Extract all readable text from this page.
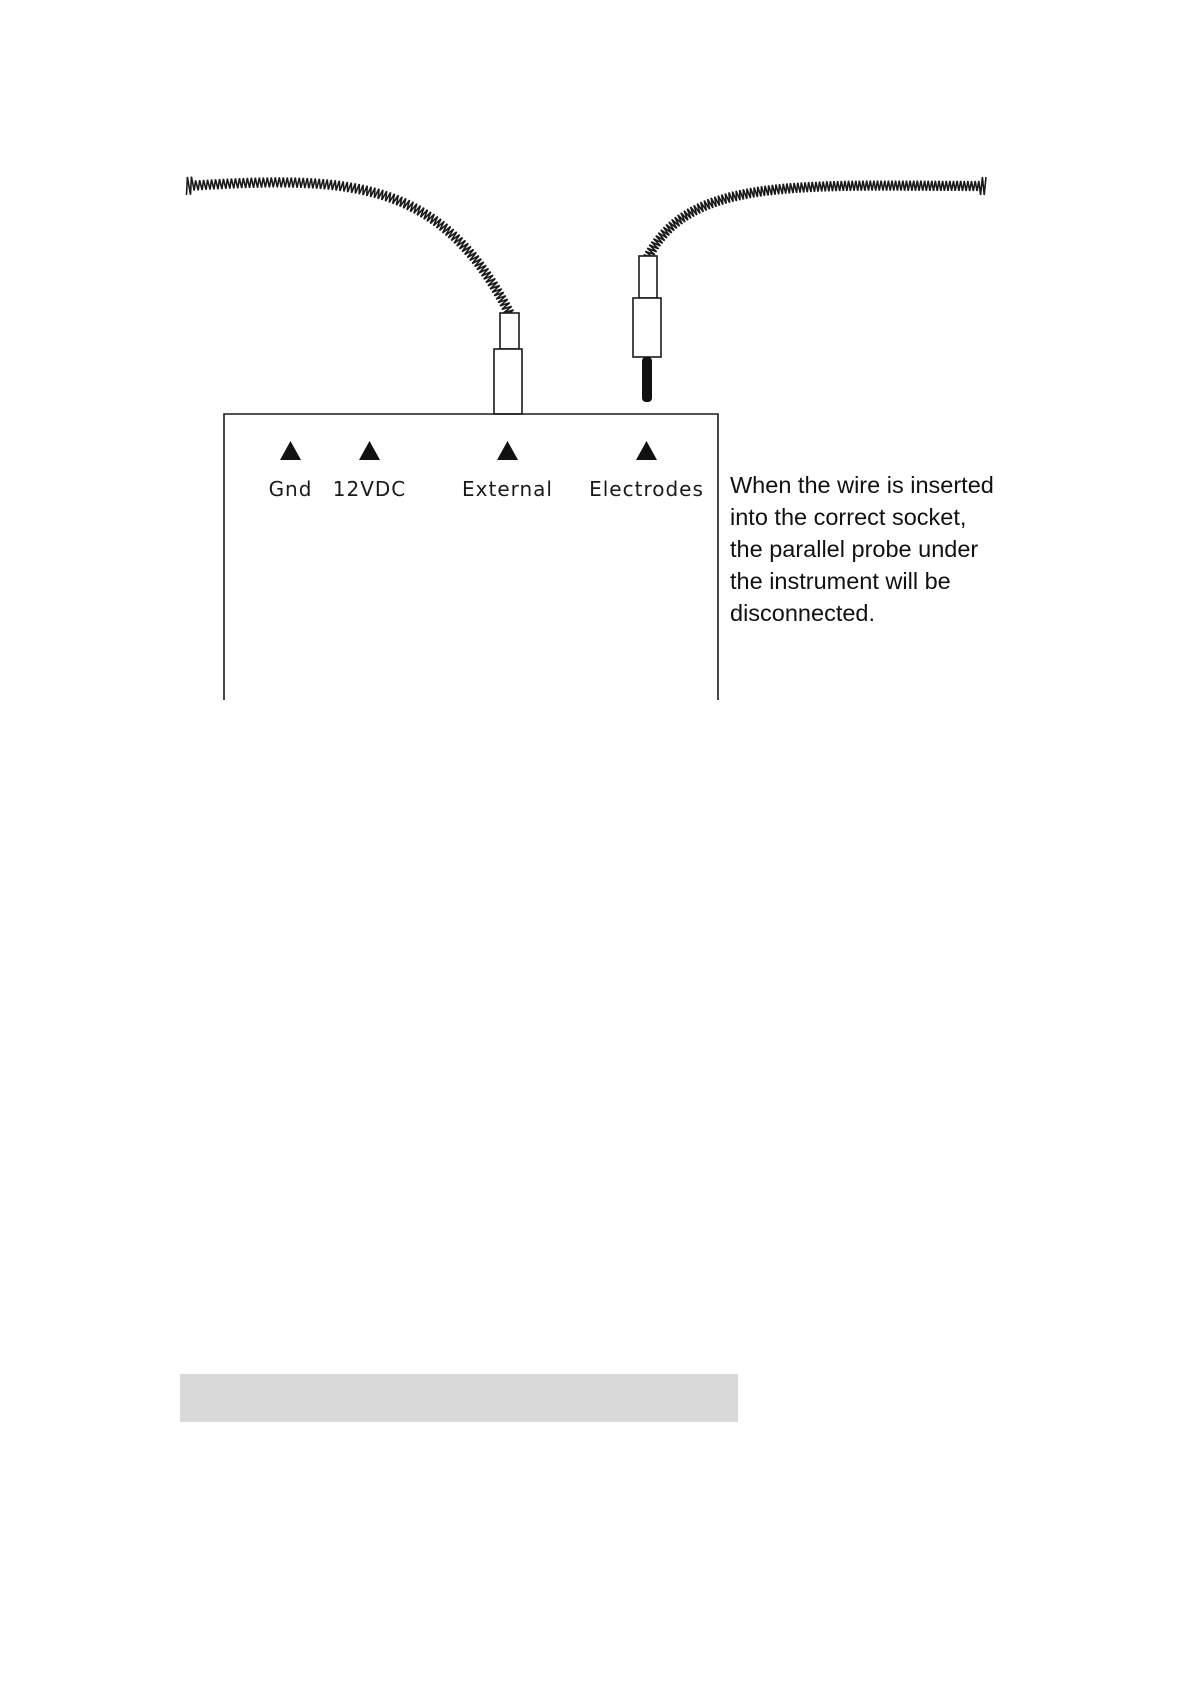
Gnd 12VDC	External Electrodes When the wire is inserted
into the correct socket,
the parallel probe under
the instrument will be
disconnected.
